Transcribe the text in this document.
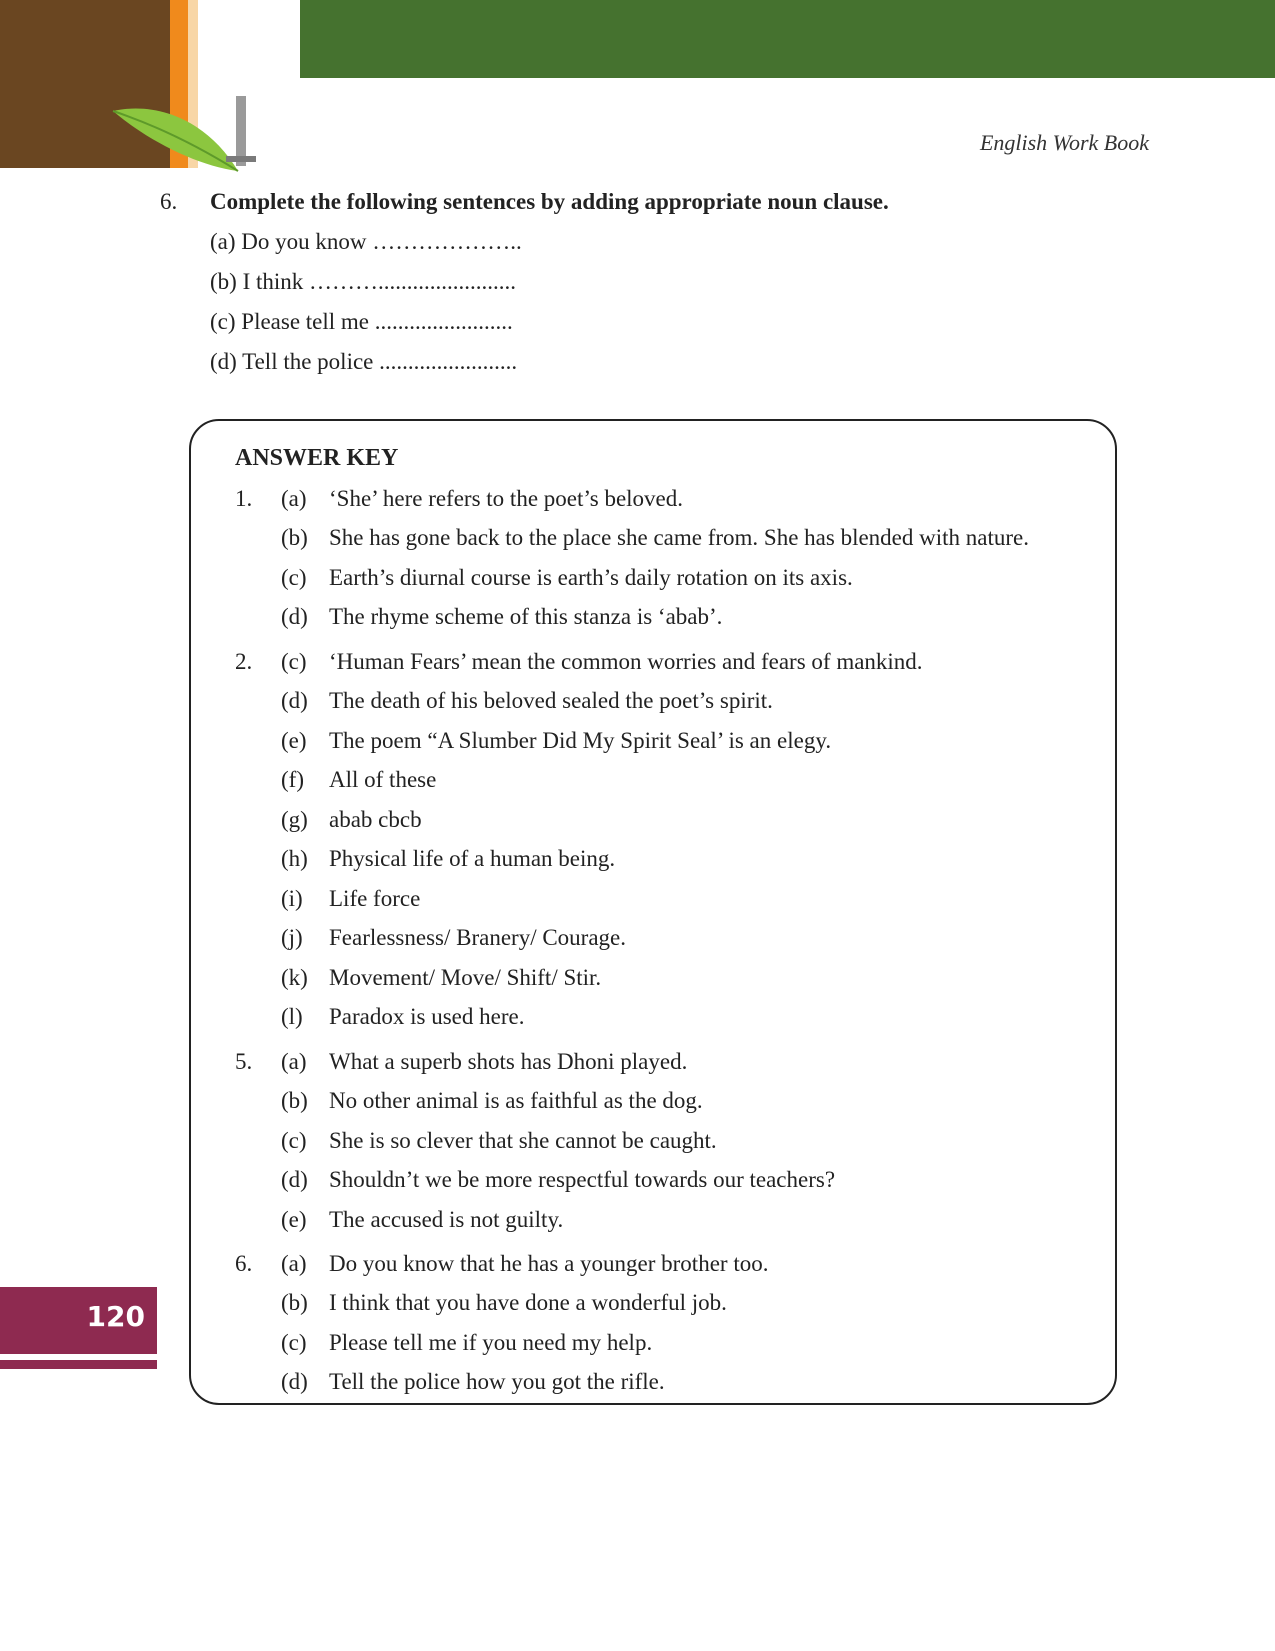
English Work Book
6.	Complete the following sentences by adding appropriate noun clause.
(a) Do you know ………………..
(b) I think ………........................
(c) Please tell me ........................
(d) Tell the police ........................
ANSWER KEY
1.	(a) ‘She’ here refers to the poet’s beloved.
(b) She has gone back to the place she came from. She has blended with nature.
(c) Earth’s diurnal course is earth’s daily rotation on its axis.
(d) The rhyme scheme of this stanza is ‘abab’.
2.	(c) ‘Human Fears’ mean the common worries and fears of mankind.
(d) The death of his beloved sealed the poet’s spirit.
(e) The poem “A Slumber Did My Spirit Seal’ is an elegy.
(f)	All of these
(g) abab cbcb
(h) Physical life of a human being.
(i)	Life force
(j)	Fearlessness/ Branery/ Courage.
(k) Movement/ Move/ Shift/ Stir.
(l)	Paradox is used here.
5.	(a) What a superb shots has Dhoni played.
(b) No other animal is as faithful as the dog.
(c) She is so clever that she cannot be caught.
(d) Shouldn’t we be more respectful towards our teachers?
(e) The accused is not guilty.
6.	(a) Do you know that he has a younger brother too.
(b) I think that you have done a wonderful job.
(c) Please tell me if you need my help.
(d) Tell the police how you got the rifle.
120
